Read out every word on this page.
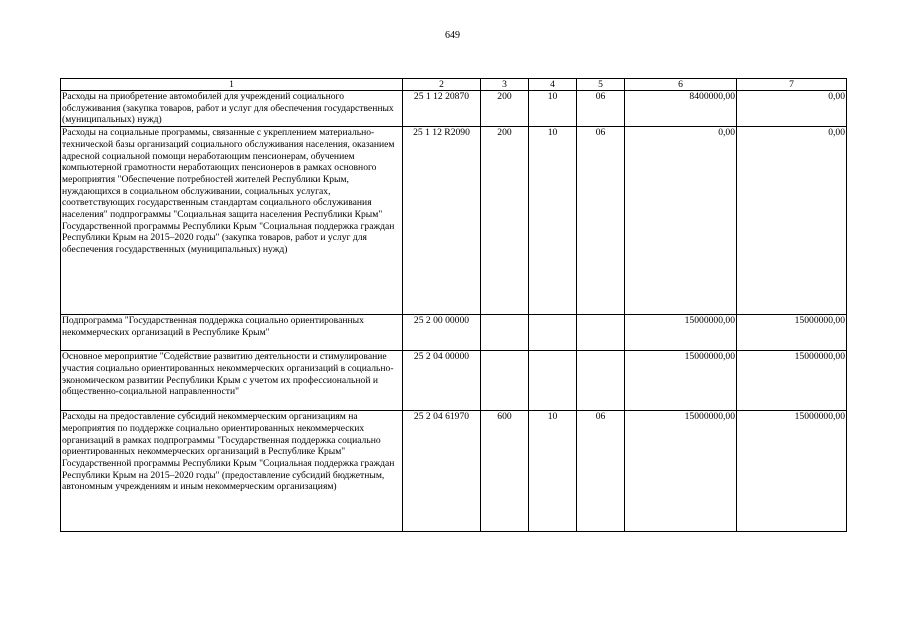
649
1	2	3	4	5	6	7
Расходы на приобретение автомобилей для учреждений социального обслуживания (закупка товаров, работ и услуг для обеспечения государственных (муниципальных) нужд)	25 1 12 20870	200	10	06	8400000,00	0,00
Расходы на социальные программы, связанные с укреплением материально-технической базы организаций социального обслуживания населения, оказанием адресной социальной помощи неработающим пенсионерам, обучением компьютерной грамотности неработающих пенсионеров в рамках основного мероприятия "Обеспечение потребностей жителей Республики Крым, нуждающихся в социальном обслуживании, социальных услугах, соответствующих государственным стандартам социального обслуживания населения" подпрограммы "Социальная защита населения Республики Крым" Государственной программы Республики Крым "Социальная поддержка граждан Республики Крым на 2015–2020 годы" (закупка товаров, работ и услуг для обеспечения государственных (муниципальных) нужд)	25 1 12 R2090	200	10	06	0,00	0,00
Подпрограмма "Государственная поддержка социально ориентированных некоммерческих организаций в Республике Крым"	25 2 00 00000				15000000,00	15000000,00
Основное мероприятие "Содействие развитию деятельности и стимулирование участия социально ориентированных некоммерческих организаций в социально-экономическом развитии Республики Крым с учетом их профессиональной и общественно-социальной направленности"	25 2 04 00000				15000000,00	15000000,00
Расходы на предоставление субсидий некоммерческим организациям на мероприятия по поддержке социально ориентированных некоммерческих организаций в рамках подпрограммы "Государственная поддержка социально ориентированных некоммерческих организаций в Республике Крым" Государственной программы Республики Крым "Социальная поддержка граждан Республики Крым на 2015–2020 годы" (предоставление субсидий бюджетным, автономным учреждениям и иным некоммерческим организациям)	25 2 04 61970	600	10	06	15000000,00	15000000,00
